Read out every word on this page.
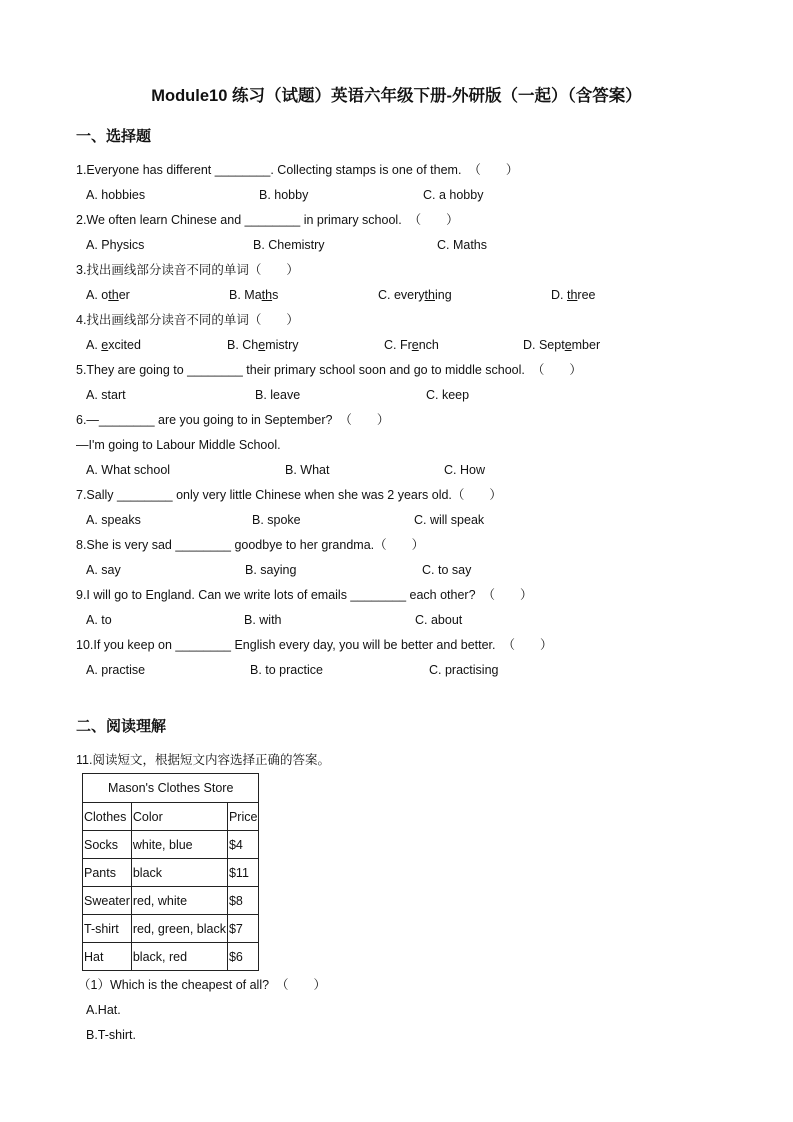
Module10 练习（试题）英语六年级下册-外研版（一起）（含答案）
一、选择题
1.Everyone has different ________. Collecting stamps is one of them.  （　　）
A. hobbies	B. hobby	C. a hobby
2.We often learn Chinese and ________ in primary school.  （　　）
A. Physics	B. Chemistry	C. Maths
3.找出画线部分读音不同的单词（　　）
A. other	B. Maths	C. everything	D. three
4.找出画线部分读音不同的单词（　　）
A. excited	B. Chemistry	C. French	D. September
5.They are going to ________ their primary school soon and go to middle school.  （　　）
A. start	B. leave	C. keep
6.—________ are you going to in September?  （　　）
—I'm going to Labour Middle School.
A. What school	B. What	C. How
7.Sally ________ only very little Chinese when she was 2 years old.（　　）
A. speaks	B. spoke	C. will speak
8.She is very sad ________ goodbye to her grandma.（　　）
A. say	B. saying	C. to say
9.I will go to England. Can we write lots of emails ________ each other?  （　　）
A. to	B. with	C. about
10.If you keep on ________ English every day, you will be better and better.  （　　）
A. practise	B. to practice	C. practising
二、阅读理解
11.阅读短文，根据短文内容选择正确的答案。
Mason's Clothes Store		
Clothes	Color	Price
Socks	white, blue	$4
Pants	black	$11
Sweater	red, white	$8
T-shirt	red, green, black	$7
Hat	black, red	$6
（1）Which is the cheapest of all?  （　　）
A.Hat.
B.T-shirt.
